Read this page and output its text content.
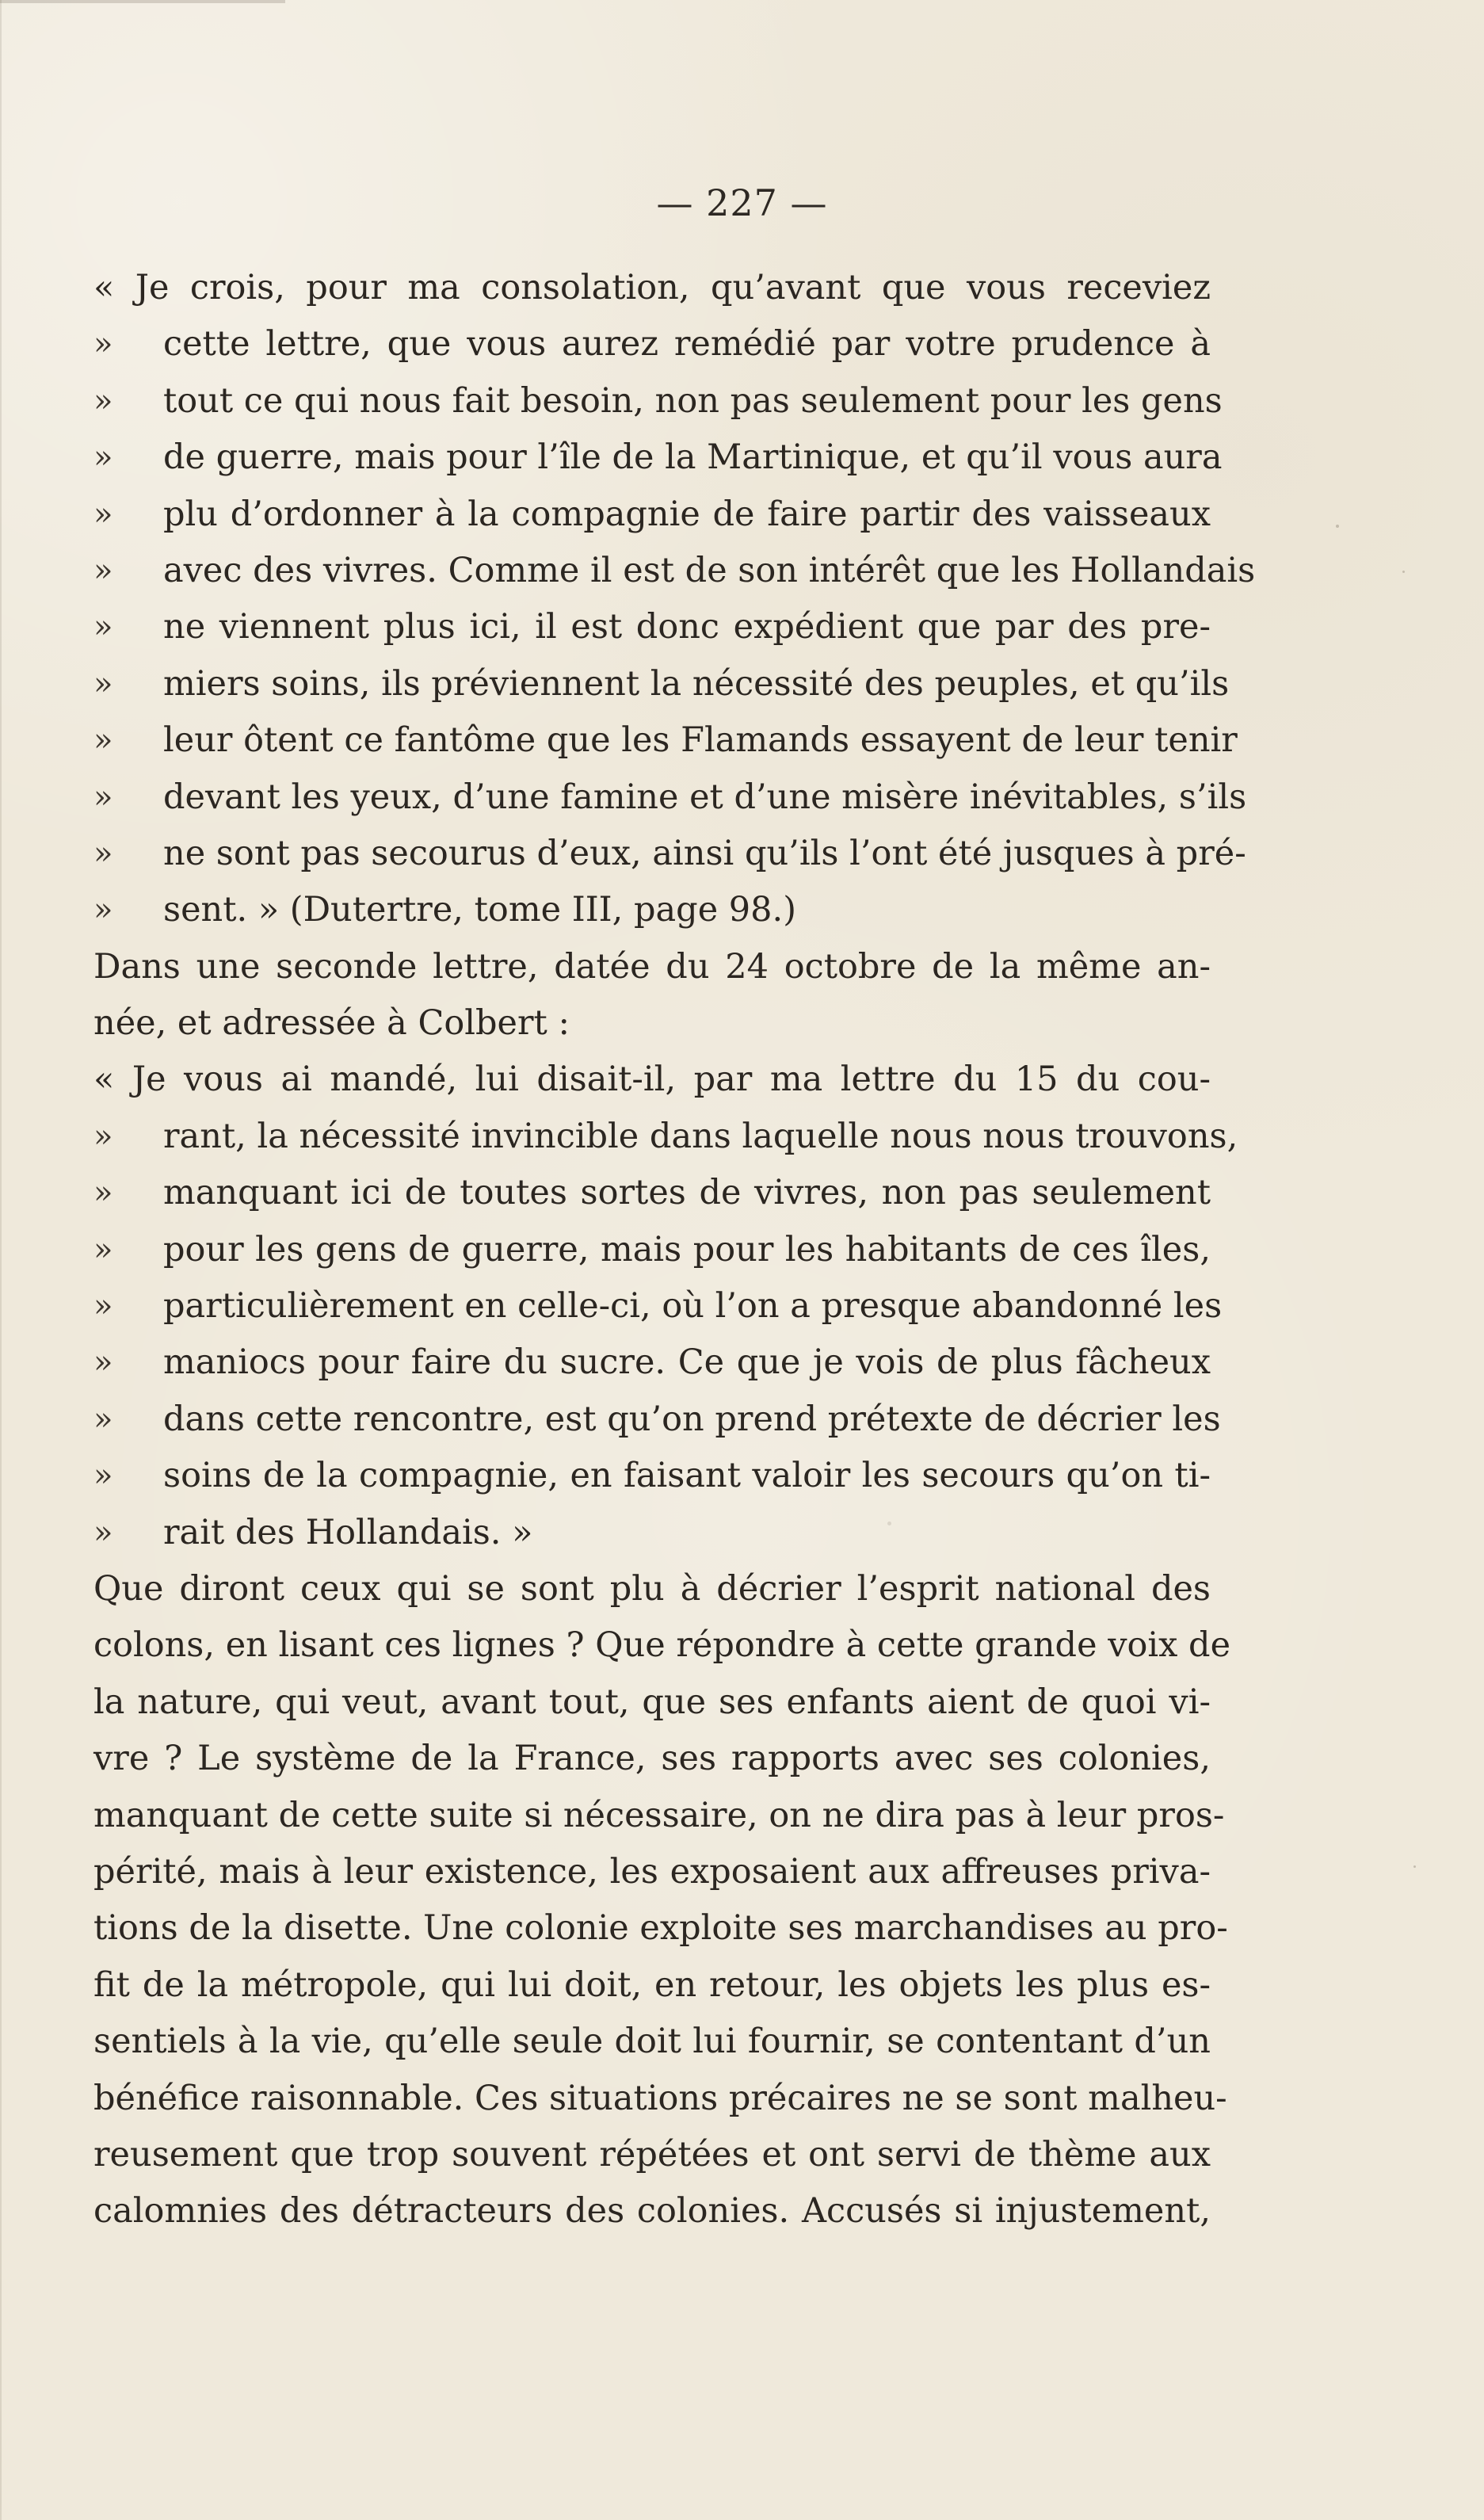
— 227 —
« Je crois, pour ma consolation, qu’avant que vous receviez
» cette lettre, que vous aurez remédié par votre prudence à
» tout ce qui nous fait besoin, non pas seulement pour les gens
» de guerre, mais pour l’île de la Martinique, et qu’il vous aura
» plu d’ordonner à la compagnie de faire partir des vaisseaux
» avec des vivres. Comme il est de son intérêt que les Hollandais
» ne viennent plus ici, il est donc expédient que par des pre-
» miers soins, ils préviennent la nécessité des peuples, et qu’ils
» leur ôtent ce fantôme que les Flamands essayent de leur tenir
» devant les yeux, d’une famine et d’une misère inévitables, s’ils
» ne sont pas secourus d’eux, ainsi qu’ils l’ont été jusques à pré-
» sent. » (Dutertre, tome III, page 98.)
Dans une seconde lettre, datée du 24 octobre de la même an-
née, et adressée à Colbert :
« Je vous ai mandé, lui disait-il, par ma lettre du 15 du cou-
» rant, la nécessité invincible dans laquelle nous nous trouvons,
» manquant ici de toutes sortes de vivres, non pas seulement
» pour les gens de guerre, mais pour les habitants de ces îles,
» particulièrement en celle-ci, où l’on a presque abandonné les
» maniocs pour faire du sucre. Ce que je vois de plus fâcheux
» dans cette rencontre, est qu’on prend prétexte de décrier les
» soins de la compagnie, en faisant valoir les secours qu’on ti-
» rait des Hollandais. »
Que diront ceux qui se sont plu à décrier l’esprit national des
colons, en lisant ces lignes ? Que répondre à cette grande voix de
la nature, qui veut, avant tout, que ses enfants aient de quoi vi-
vre ? Le système de la France, ses rapports avec ses colonies,
manquant de cette suite si nécessaire, on ne dira pas à leur pros-
périté, mais à leur existence, les exposaient aux affreuses priva-
tions de la disette. Une colonie exploite ses marchandises au pro-
fit de la métropole, qui lui doit, en retour, les objets les plus es-
sentiels à la vie, qu’elle seule doit lui fournir, se contentant d’un
bénéfice raisonnable. Ces situations précaires ne se sont malheu-
reusement que trop souvent répétées et ont servi de thème aux
calomnies des détracteurs des colonies. Accusés si injustement,
